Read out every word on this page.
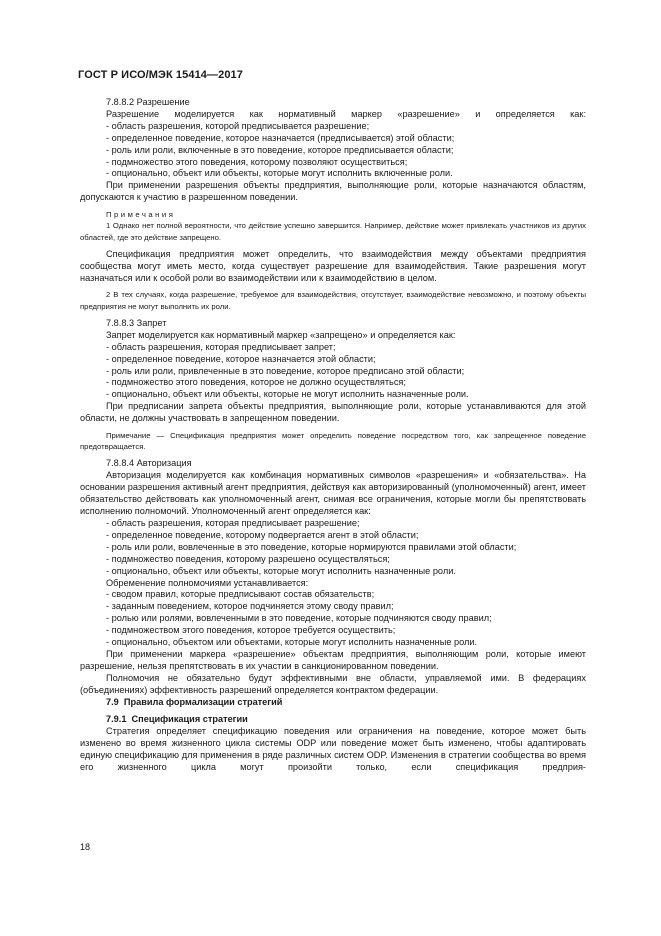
ГОСТ Р ИСО/МЭК 15414—2017

7.8.8.2 Разрешение

Разрешение моделируется как нормативный маркер «разрешение» и определяется как:

- область разрешения, которой предписывается разрешение;

- определенное поведение, которое назначается (предписывается) этой области;

- роль или роли, включенные в это поведение, которое предписывается области;

- подмножество этого поведения, которому позволяют осуществиться;

- опционально, объект или объекты, которые могут исполнить включенные роли.

При применении разрешения объекты предприятия, выполняющие роли, которые назначаются областям, допускаются к участию в разрешенном поведении.

Примечания

1 Однако нет полной вероятности, что действие успешно завершится. Например, действие может привлекать участников из других областей, где это действие запрещено.

Спецификация предприятия может определить, что взаимодействия между объектами предприятия сообщества могут иметь место, когда существует разрешение для взаимодействия. Такие разрешения могут назначаться или к особой роли во взаимодействии или к взаимодействию в целом.

2 В тех случаях, когда разрешение, требуемое для взаимодействия, отсутствует, взаимодействие невозможно, и поэтому объекты предприятия не могут выполнить их роли.

7.8.8.3 Запрет

Запрет моделируется как нормативный маркер «запрещено» и определяется как:

- область разрешения, которая предписывает запрет;

- определенное поведение, которое назначается этой области;

- роль или роли, привлеченные в это поведение, которое предписано этой области;

- подмножество этого поведения, которое не должно осуществляться;

- опционально, объект или объекты, которые не могут исполнить назначенные роли.

При предписании запрета объекты предприятия, выполняющие роли, которые устанавливаются для этой области, не должны участвовать в запрещенном поведении.

Примечание — Спецификация предприятия может определить поведение посредством того, как запрещенное поведение предотвращается.

7.8.8.4 Авторизация

Авторизация моделируется как комбинация нормативных символов «разрешения» и «обязательства». На основании разрешения активный агент предприятия, действуя как авторизированный (уполномоченный) агент, имеет обязательство действовать как уполномоченный агент, снимая все ограничения, которые могли бы препятствовать исполнению полномочий. Уполномоченный агент определяется как:

- область разрешения, которая предписывает разрешение;

- определенное поведение, которому подвергается агент в этой области;

- роль или роли, вовлеченные в это поведение, которые нормируются правилами этой области;

- подмножество поведения, которому разрешено осуществляться;

- опционально, объект или объекты, которые могут исполнить назначенные роли.

Обременение полномочиями устанавливается:

- сводом правил, которые предписывают состав обязательств;

- заданным поведением, которое подчиняется этому своду правил;

- ролью или ролями, вовлеченными в это поведение, которые подчиняются своду правил;

- подмножеством этого поведения, которое требуется осуществить;

- опционально, объектом или объектами, которые могут исполнить назначенные роли.

При применении маркера «разрешение» объектам предприятия, выполняющим роли, которые имеют разрешение, нельзя препятствовать в их участии в санкционированном поведении.

Полномочия не обязательно будут эффективными вне области, управляемой ими. В федерациях (объединениях) эффективность разрешений определяется контрактом федерации.

7.9 Правила формализации стратегий

7.9.1 Спецификация стратегии

Стратегия определяет спецификацию поведения или ограничения на поведение, которое может быть изменено во время жизненного цикла системы ODP или поведение может быть изменено, чтобы адаптировать единую спецификацию для применения в ряде различных систем ODP. Изменения в стратегии сообщества во время его жизненного цикла могут произойти только, если спецификация предприя-

18
